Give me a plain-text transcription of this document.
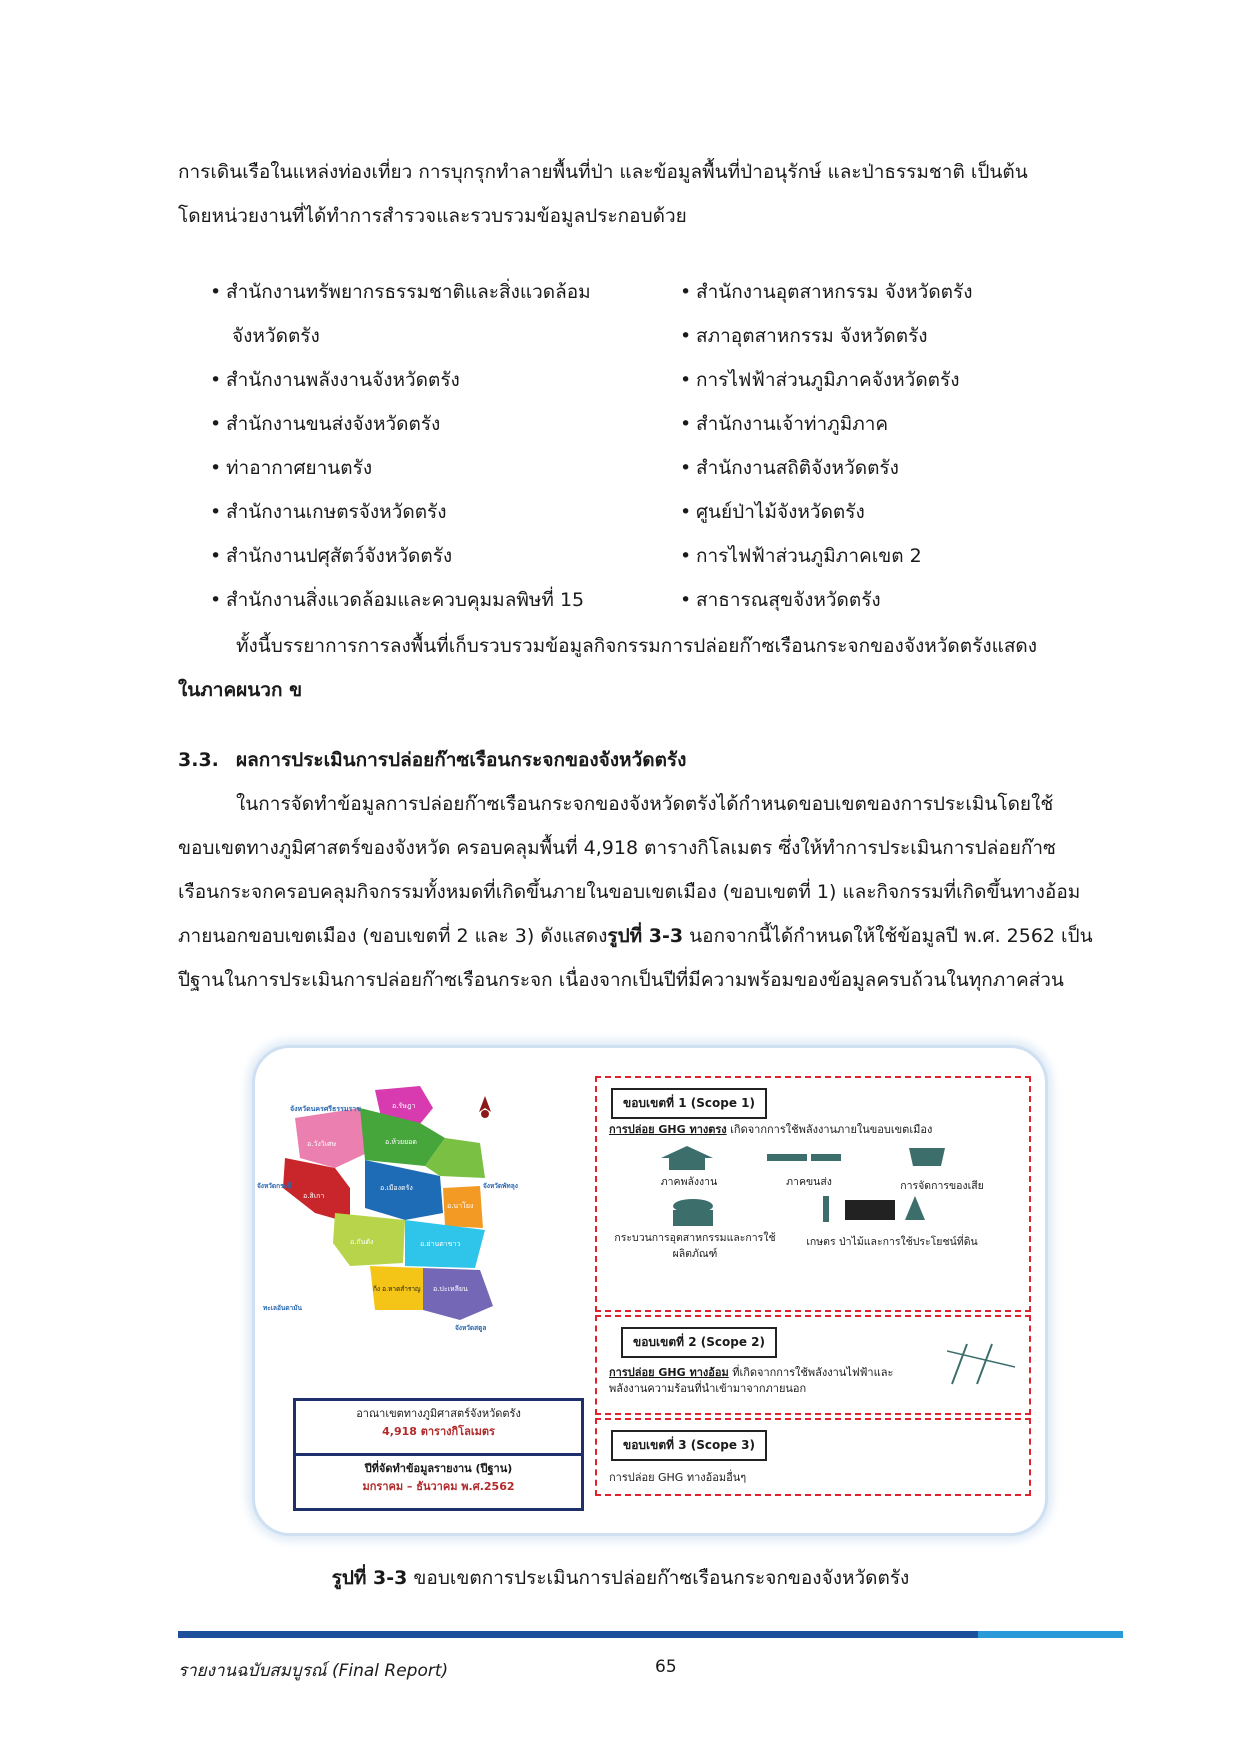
การเดินเรือในแหล่งท่องเที่ยว การบุกรุกทำลายพื้นที่ป่า และข้อมูลพื้นที่ป่าอนุรักษ์ และป่าธรรมชาติ เป็นต้น
โดยหน่วยงานที่ได้ทำการสำรวจและรวบรวมข้อมูลประกอบด้วย
• สำนักงานทรัพยากรธรรมชาติและสิ่งแวดล้อม
จังหวัดตรัง
• สำนักงานพลังงานจังหวัดตรัง
• สำนักงานขนส่งจังหวัดตรัง
• ท่าอากาศยานตรัง
• สำนักงานเกษตรจังหวัดตรัง
• สำนักงานปศุสัตว์จังหวัดตรัง
• สำนักงานสิ่งแวดล้อมและควบคุมมลพิษที่ 15
• สำนักงานอุตสาหกรรม จังหวัดตรัง
• สภาอุตสาหกรรม จังหวัดตรัง
• การไฟฟ้าส่วนภูมิภาคจังหวัดตรัง
• สำนักงานเจ้าท่าภูมิภาค
• สำนักงานสถิติจังหวัดตรัง
• ศูนย์ป่าไม้จังหวัดตรัง
• การไฟฟ้าส่วนภูมิภาคเขต 2
• สาธารณสุขจังหวัดตรัง
ทั้งนี้บรรยาการการลงพื้นที่เก็บรวบรวมข้อมูลกิจกรรมการปล่อยก๊าซเรือนกระจกของจังหวัดตรังแสดง
ในภาคผนวก ข
3.3. ผลการประเมินการปล่อยก๊าซเรือนกระจกของจังหวัดตรัง
ในการจัดทำข้อมูลการปล่อยก๊าซเรือนกระจกของจังหวัดตรังได้กำหนดขอบเขตของการประเมินโดยใช้
ขอบเขตทางภูมิศาสตร์ของจังหวัด ครอบคลุมพื้นที่ 4,918 ตารางกิโลเมตร ซึ่งให้ทำการประเมินการปล่อยก๊าซ
เรือนกระจกครอบคลุมกิจกรรมทั้งหมดที่เกิดขึ้นภายในขอบเขตเมือง (ขอบเขตที่ 1) และกิจกรรมที่เกิดขึ้นทางอ้อม
ภายนอกขอบเขตเมือง (ขอบเขตที่ 2 และ 3) ดังแสดงรูปที่ 3-3 นอกจากนี้ได้กำหนดให้ใช้ข้อมูลปี พ.ศ. 2562 เป็น
ปีฐานในการประเมินการปล่อยก๊าซเรือนกระจก เนื่องจากเป็นปีที่มีความพร้อมของข้อมูลครบถ้วนในทุกภาคส่วน
จังหวัดนครศรีธรรมราช
จังหวัดกระบี่	จังหวัดพัทลุง
จังหวัดสตูล
ทะเลอันดามัน
อ.รัษฎา
อ.วังวิเศษ	อ.ห้วยยอด
อ.สิเกา
อ.เมืองตรัง
อ.นาโยง
อ.กันตัง	อ.ย่านตาขาว
กิ่ง อ.หาดสำราญ อ.ปะเหลียน
อาณาเขตทางภูมิศาสตร์จังหวัดตรัง
4,918 ตารางกิโลเมตร
ปีที่จัดทำข้อมูลรายงาน (ปีฐาน)
มกราคม – ธันวาคม พ.ศ.2562
ขอบเขตที่ 1 (Scope 1)
การปล่อย GHG ทางตรง เกิดจากการใช้พลังงานภายในขอบเขตเมือง
ภาคพลังงาน	ภาคขนส่ง	การจัดการของเสีย
กระบวนการอุตสาหกรรมและการใช้ผลิตภัณฑ์
เกษตร ป่าไม้และการใช้ประโยชน์ที่ดิน
ขอบเขตที่ 2 (Scope 2)
การปล่อย GHG ทางอ้อม ที่เกิดจากการใช้พลังงานไฟฟ้าและ
พลังงานความร้อนที่นำเข้ามาจากภายนอก
ขอบเขตที่ 3 (Scope 3)
การปล่อย GHG ทางอ้อมอื่นๆ
รูปที่ 3-3 ขอบเขตการประเมินการปล่อยก๊าซเรือนกระจกของจังหวัดตรัง
รายงานฉบับสมบูรณ์ (Final Report)	65
